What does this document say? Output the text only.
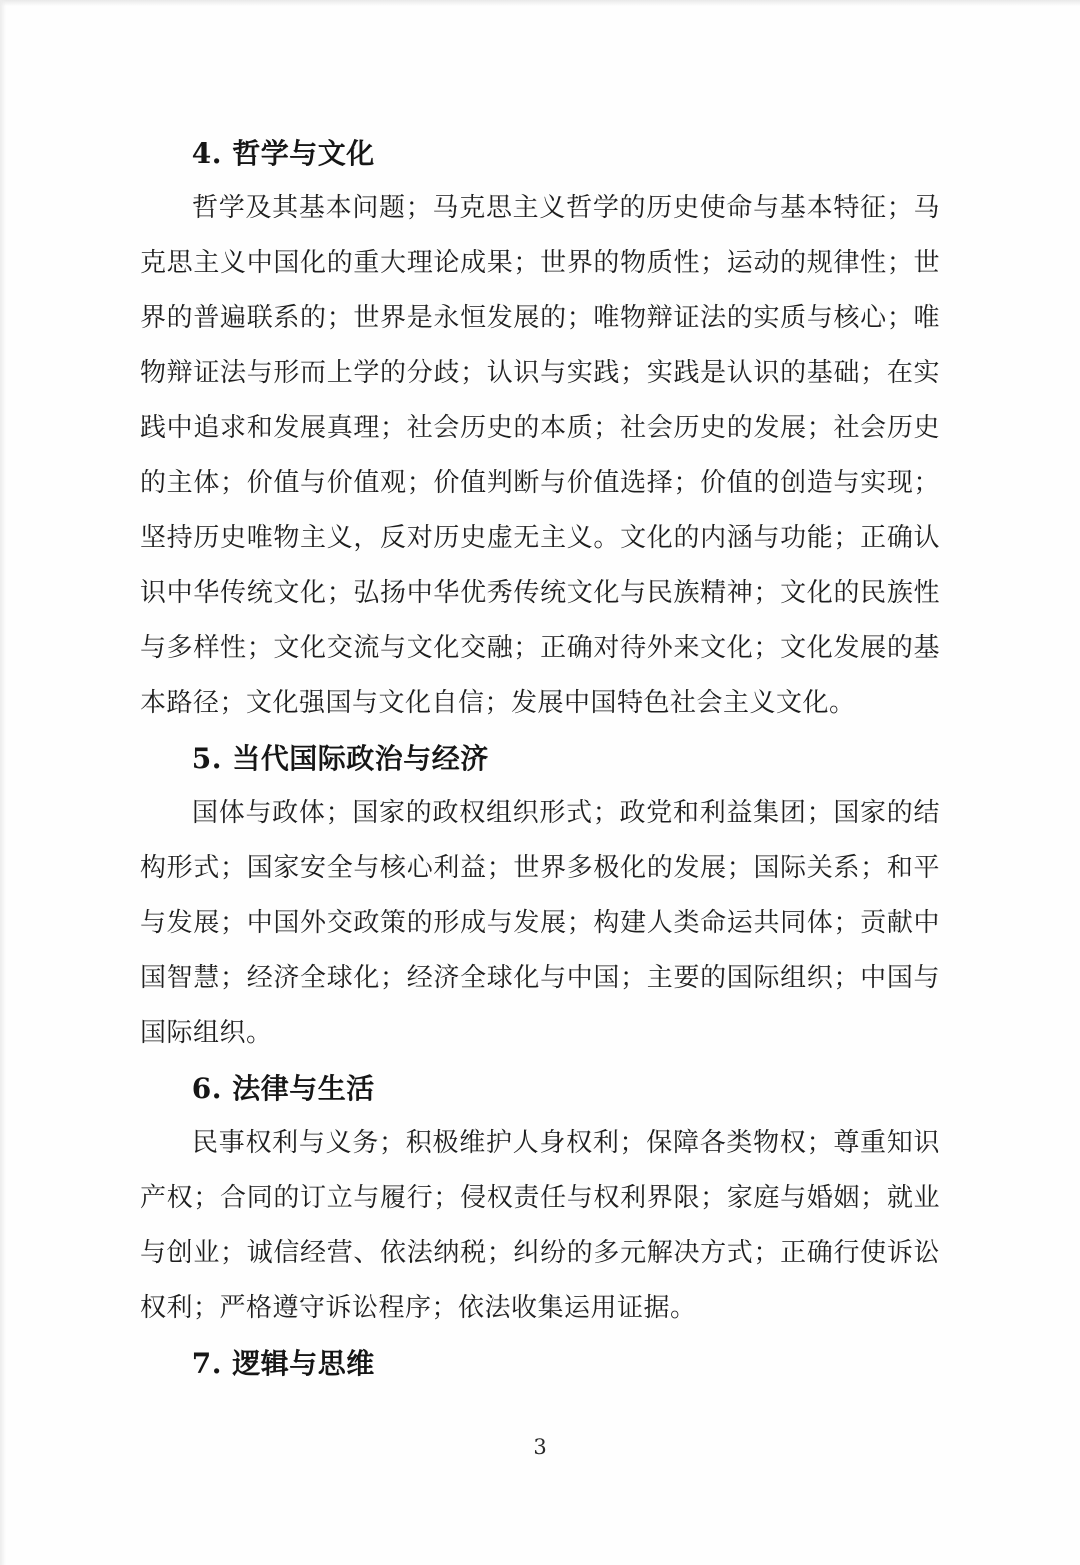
4. 哲学与文化

哲学及其基本问题；马克思主义哲学的历史使命与基本特征；马克思主义中国化的重大理论成果；世界的物质性；运动的规律性；世界的普遍联系的；世界是永恒发展的；唯物辩证法的实质与核心；唯物辩证法与形而上学的分歧；认识与实践；实践是认识的基础；在实践中追求和发展真理；社会历史的本质；社会历史的发展；社会历史的主体；价值与价值观；价值判断与价值选择；价值的创造与实现；坚持历史唯物主义，反对历史虚无主义。文化的内涵与功能；正确认识中华传统文化；弘扬中华优秀传统文化与民族精神；文化的民族性与多样性；文化交流与文化交融；正确对待外来文化；文化发展的基本路径；文化强国与文化自信；发展中国特色社会主义文化。

5. 当代国际政治与经济

国体与政体；国家的政权组织形式；政党和利益集团；国家的结构形式；国家安全与核心利益；世界多极化的发展；国际关系；和平与发展；中国外交政策的形成与发展；构建人类命运共同体；贡献中国智慧；经济全球化；经济全球化与中国；主要的国际组织；中国与国际组织。

6. 法律与生活

民事权利与义务；积极维护人身权利；保障各类物权；尊重知识产权；合同的订立与履行；侵权责任与权利界限；家庭与婚姻；就业与创业；诚信经营、依法纳税；纠纷的多元解决方式；正确行使诉讼权利；严格遵守诉讼程序；依法收集运用证据。

7. 逻辑与思维
3
